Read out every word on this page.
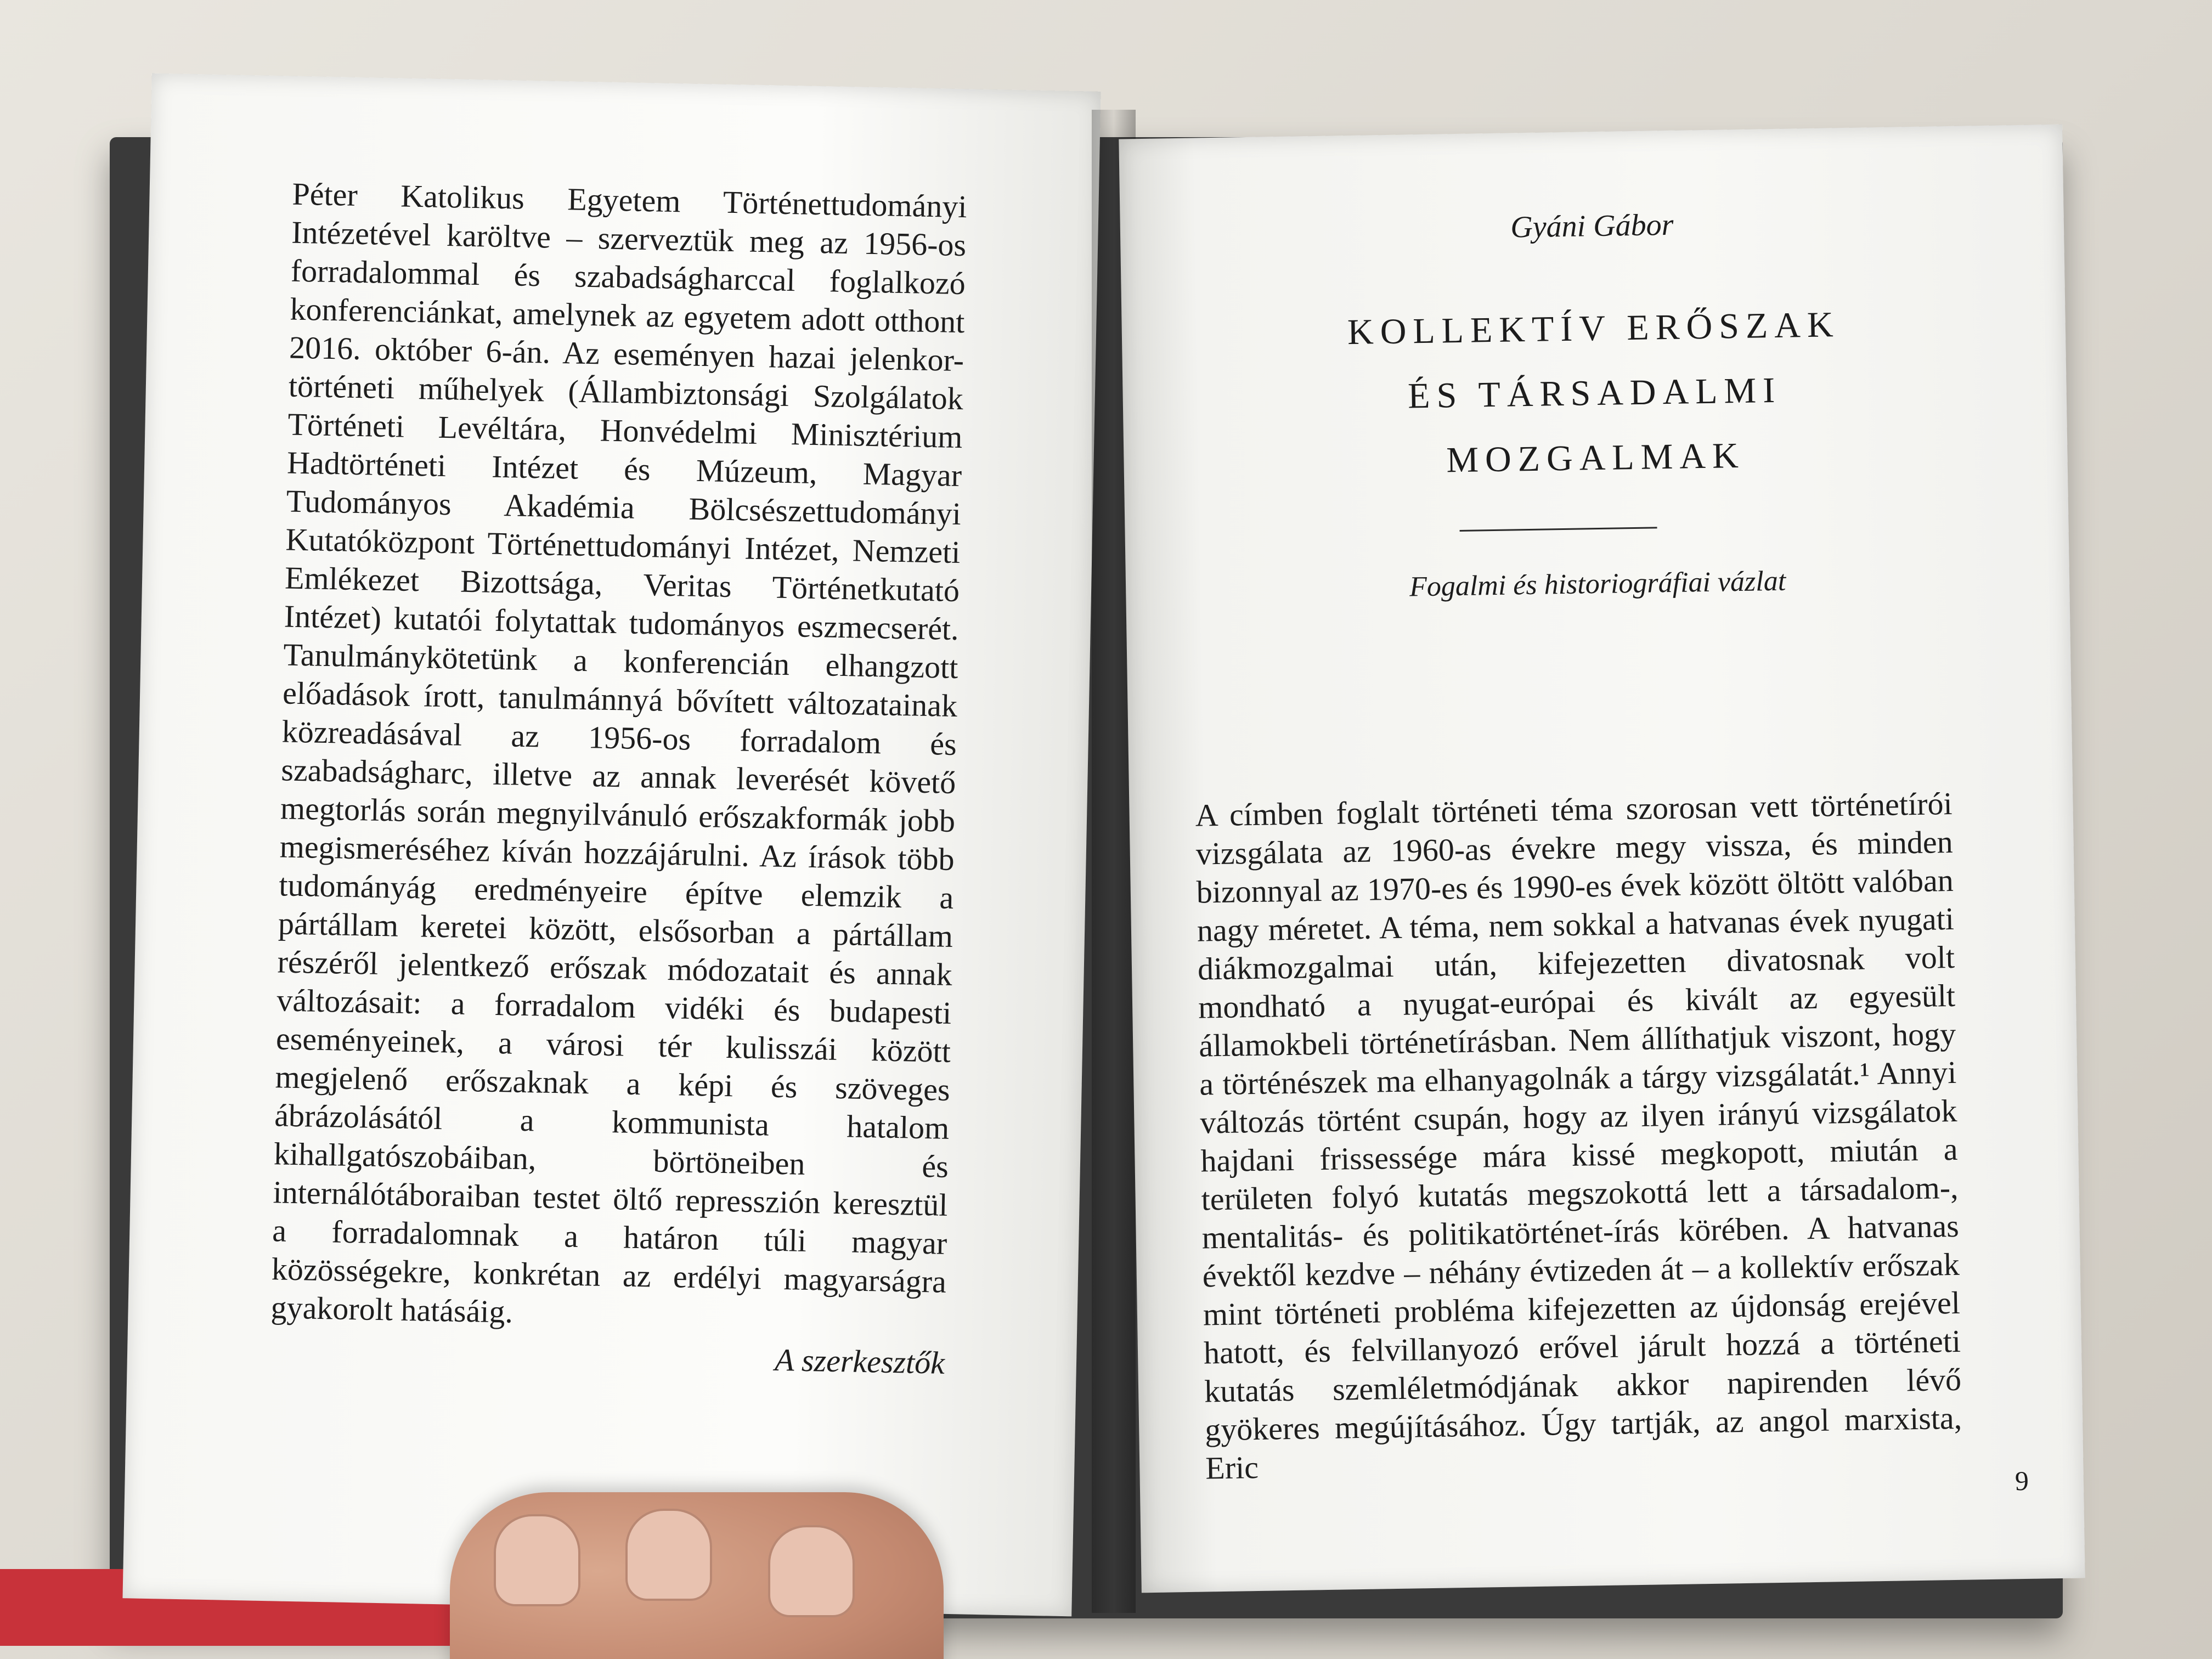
Péter Katolikus Egyetem Történettudományi Intézetével karöltve – szerveztük meg az 1956-os forradalommal és szabadságharccal foglalkozó konferenciánkat, amelynek az egyetem adott otthont 2016. október 6-án. Az eseményen hazai jelenkor-történeti műhelyek (Állambiztonsági Szolgálatok Történeti Levéltára, Honvédelmi Minisztérium Hadtörténeti Intézet és Múzeum, Magyar Tudományos Akadémia Bölcsészettudományi Kutatóközpont Történettudományi Intézet, Nemzeti Emlékezet Bizottsága, Veritas Történetkutató Intézet) kutatói folytattak tudományos eszmecserét. Tanulmánykötetünk a konferencián elhangzott előadások írott, tanulmánnyá bővített változatainak közreadásával az 1956-os forradalom és szabadságharc, illetve az annak leverését követő megtorlás során megnyilvánuló erőszakformák jobb megismeréséhez kíván hozzájárulni. Az írások több tudományág eredményeire építve elemzik a pártállam keretei között, elsősorban a pártállam részéről jelentkező erőszak módozatait és annak változásait: a forradalom vidéki és budapesti eseményeinek, a városi tér kulisszái között megjelenő erőszaknak a képi és szöveges ábrázolásától a kommunista hatalom kihallgatószobáiban, börtöneiben és internálótáboraiban testet öltő represszión keresztül a forradalomnak a határon túli magyar közösségekre, konkrétan az erdélyi magyarságra gyakorolt hatásáig.

A szerkesztők
Gyáni Gábor
KOLLEKTÍV ERŐSZAK
ÉS TÁRSADALMI
MOZGALMAK
Fogalmi és historiográfiai vázlat

A címben foglalt történeti téma szorosan vett történetírói vizsgálata az 1960-as évekre megy vissza, és minden bizonnyal az 1970-es és 1990-es évek között öltött valóban nagy méretet. A téma, nem sokkal a hatvanas évek nyugati diákmozgalmai után, kifejezetten divatosnak volt mondható a nyugat-európai és kivált az egyesült államokbeli történetírásban. Nem állíthatjuk viszont, hogy a történészek ma elhanyagolnák a tárgy vizsgálatát.¹ Annyi változás történt csupán, hogy az ilyen irányú vizsgálatok hajdani frissessége mára kissé megkopott, miután a területen folyó kutatás megszokottá lett a társadalom-, mentalitás- és politikatörténet-írás körében. A hatvanas évektől kezdve – néhány évtizeden át – a kollektív erőszak mint történeti probléma kifejezetten az újdonság erejével hatott, és felvillanyozó erővel járult hozzá a történeti kutatás szemléletmódjának akkor napirenden lévő gyökeres megújításához. Úgy tartják, az angol marxista, Eric	9
